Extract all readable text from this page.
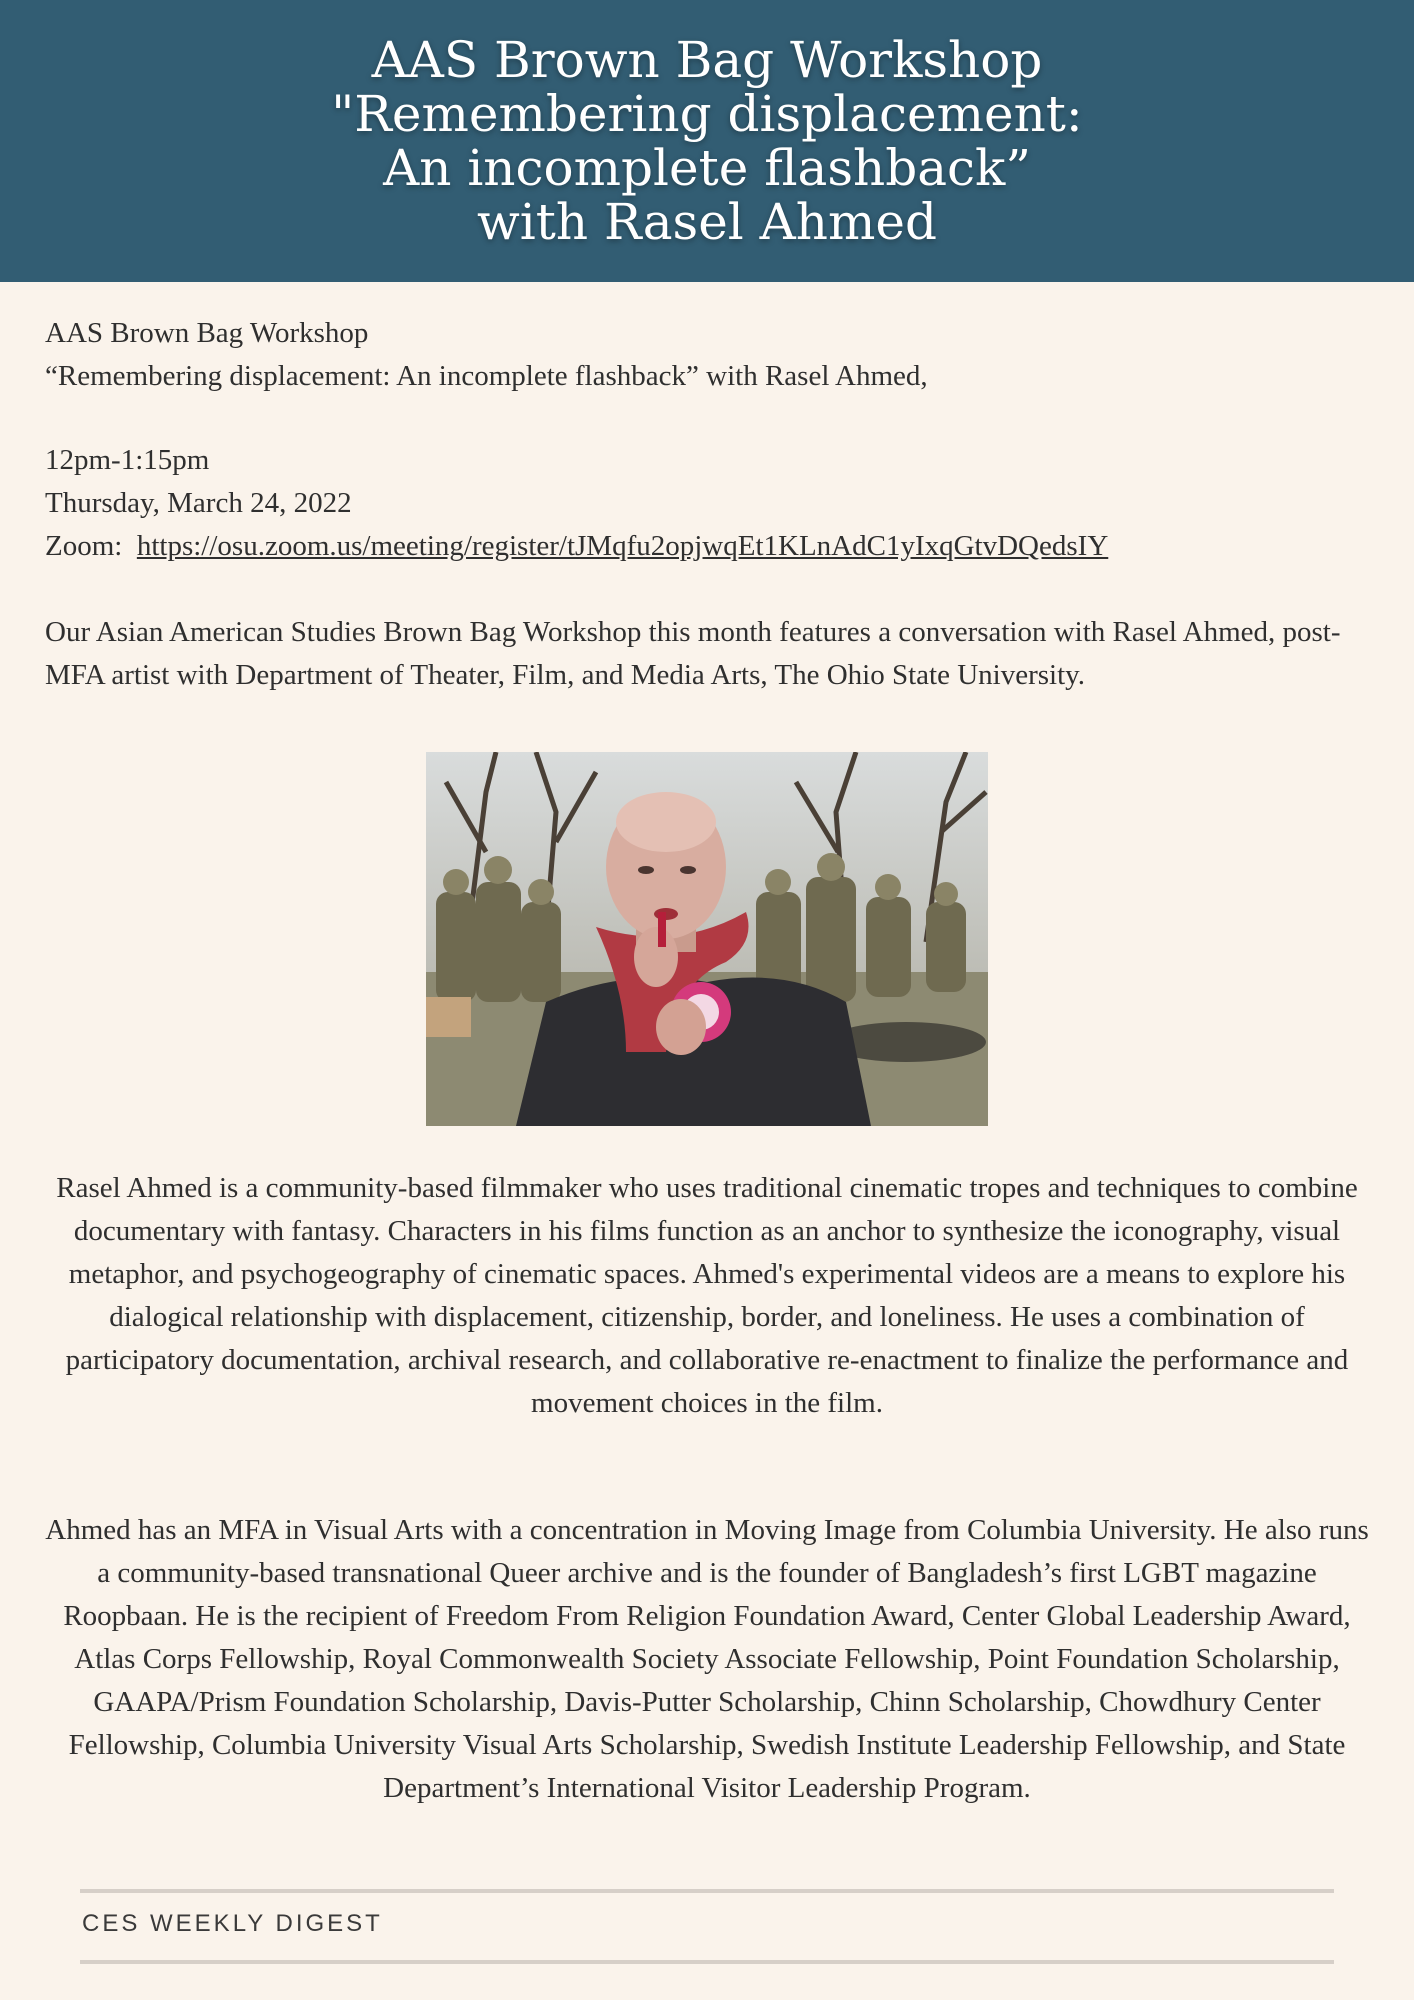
AAS Brown Bag Workshop
"Remembering displacement:
An incomplete flashback”
with Rasel Ahmed
AAS Brown Bag Workshop
“Remembering displacement: An incomplete flashback” with Rasel Ahmed,
12pm-1:15pm
Thursday, March 24, 2022
Zoom: https://osu.zoom.us/meeting/register/tJMqfu2opjwqEt1KLnAdC1yIxqGtvDQedsIY
Our Asian American Studies Brown Bag Workshop this month features a conversation with Rasel Ahmed, post-MFA artist with Department of Theater, Film, and Media Arts, The Ohio State University.

Rasel Ahmed is a community-based filmmaker who uses traditional cinematic tropes and techniques to combine documentary with fantasy. Characters in his films function as an anchor to synthesize the iconography, visual metaphor, and psychogeography of cinematic spaces. Ahmed's experimental videos are a means to explore his dialogical relationship with displacement, citizenship, border, and loneliness. He uses a combination of participatory documentation, archival research, and collaborative re-enactment to finalize the performance and movement choices in the film.

Ahmed has an MFA in Visual Arts with a concentration in Moving Image from Columbia University. He also runs a community-based transnational Queer archive and is the founder of Bangladesh’s first LGBT magazine Roopbaan. He is the recipient of Freedom From Religion Foundation Award, Center Global Leadership Award, Atlas Corps Fellowship, Royal Commonwealth Society Associate Fellowship, Point Foundation Scholarship, GAAPA/Prism Foundation Scholarship, Davis-Putter Scholarship, Chinn Scholarship, Chowdhury Center Fellowship, Columbia University Visual Arts Scholarship, Swedish Institute Leadership Fellowship, and State Department’s International Visitor Leadership Program.

CES WEEKLY DIGEST
